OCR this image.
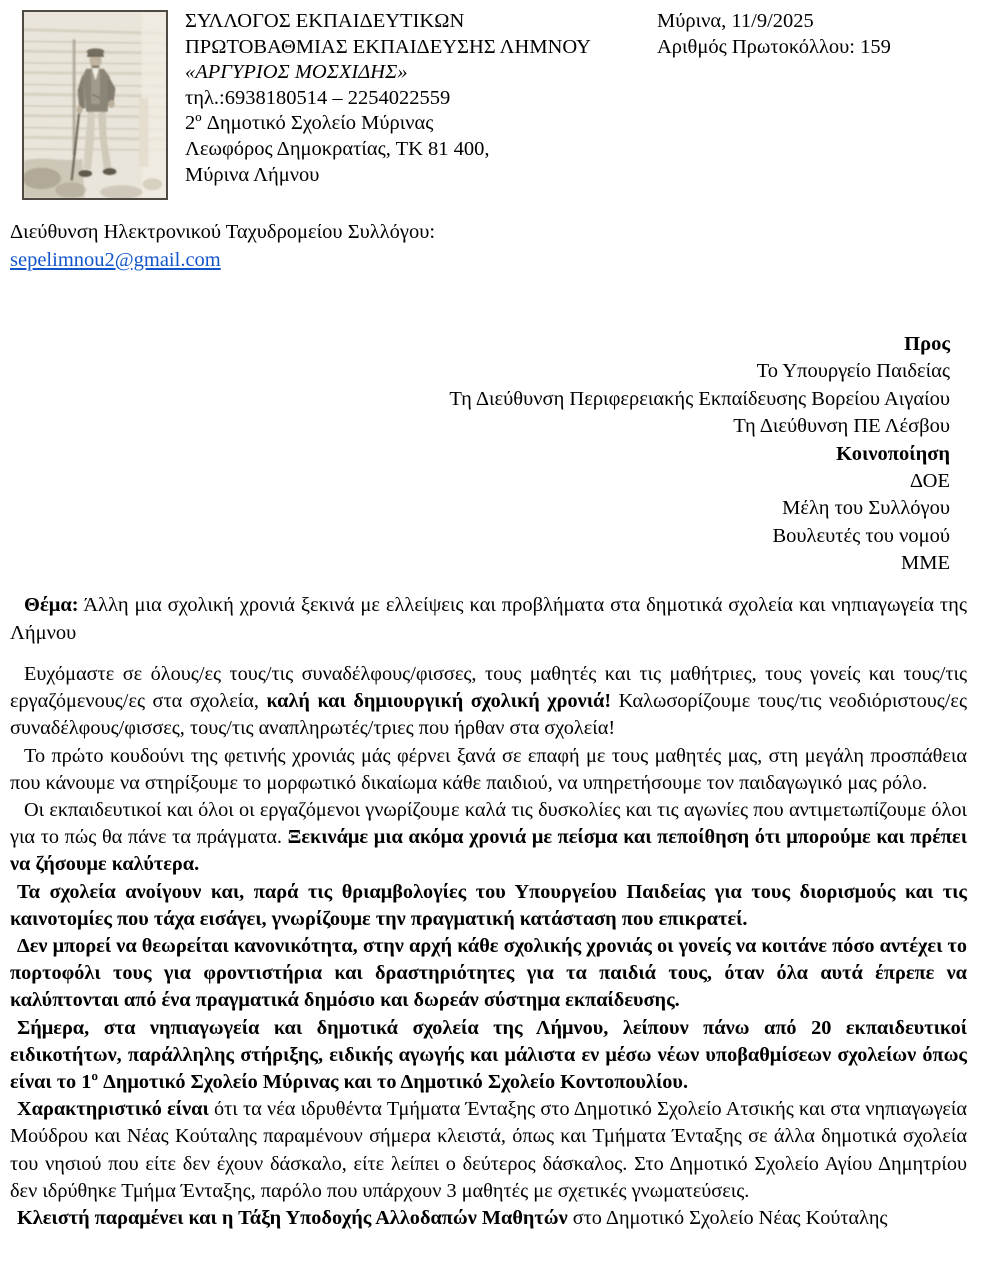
ΣΥΛΛΟΓΟΣ ΕΚΠΑΙΔΕΥΤΙΚΩΝ
ΠΡΩΤΟΒΑΘΜΙΑΣ ΕΚΠΑΙΔΕΥΣΗΣ ΛΗΜΝΟΥ
«ΑΡΓΥΡΙΟΣ ΜΟΣΧΙΔΗΣ»
τηλ.:6938180514 – 2254022559
2º Δημοτικό Σχολείο Μύρινας
Λεωφόρος Δημοκρατίας, ΤΚ 81 400,
Μύρινα Λήμνου
Μύρινα, 11/9/2025
Αριθμός Πρωτοκόλλου: 159
Διεύθυνση Ηλεκτρονικού Ταχυδρομείου Συλλόγου:
sepelimnou2@gmail.com
Προς
Το Υπουργείο Παιδείας
Τη Διεύθυνση Περιφερειακής Εκπαίδευσης Βορείου Αιγαίου
Τη Διεύθυνση ΠΕ Λέσβου
Κοινοποίηση
ΔΟΕ
Μέλη του Συλλόγου
Βουλευτές του νομού
ΜΜΕ
Θέμα: Άλλη μια σχολική χρονιά ξεκινά με ελλείψεις και προβλήματα στα δημοτικά σχολεία και νηπιαγωγεία της Λήμνου

Ευχόμαστε σε όλους/ες τους/τις συναδέλφους/φισσες, τους μαθητές και τις μαθήτριες, τους γονείς και τους/τις εργαζόμενους/ες στα σχολεία, καλή και δημιουργική σχολική χρονιά! Καλωσορίζουμε τους/τις νεοδιόριστους/ες συναδέλφους/φισσες, τους/τις αναπληρωτές/τριες που ήρθαν στα σχολεία!

Το πρώτο κουδούνι της φετινής χρονιάς μάς φέρνει ξανά σε επαφή με τους μαθητές μας, στη μεγάλη προσπάθεια που κάνουμε να στηρίξουμε το μορφωτικό δικαίωμα κάθε παιδιού, να υπηρετήσουμε τον παιδαγωγικό μας ρόλο.

Οι εκπαιδευτικοί και όλοι οι εργαζόμενοι γνωρίζουμε καλά τις δυσκολίες και τις αγωνίες που αντιμετωπίζουμε όλοι για το πώς θα πάνε τα πράγματα. Ξεκινάμε μια ακόμα χρονιά με πείσμα και πεποίθηση ότι μπορούμε και πρέπει να ζήσουμε καλύτερα.

Τα σχολεία ανοίγουν και, παρά τις θριαμβολογίες του Υπουργείου Παιδείας για τους διορισμούς και τις καινοτομίες που τάχα εισάγει, γνωρίζουμε την πραγματική κατάσταση που επικρατεί.

Δεν μπορεί να θεωρείται κανονικότητα, στην αρχή κάθε σχολικής χρονιάς οι γονείς να κοιτάνε πόσο αντέχει το πορτοφόλι τους για φροντιστήρια και δραστηριότητες για τα παιδιά τους, όταν όλα αυτά έπρεπε να καλύπτονται από ένα πραγματικά δημόσιο και δωρεάν σύστημα εκπαίδευσης.

Σήμερα, στα νηπιαγωγεία και δημοτικά σχολεία της Λήμνου, λείπουν πάνω από 20 εκπαιδευτικοί ειδικοτήτων, παράλληλης στήριξης, ειδικής αγωγής και μάλιστα εν μέσω νέων υποβαθμίσεων σχολείων όπως είναι το 1º Δημοτικό Σχολείο Μύρινας και το Δημοτικό Σχολείο Κοντοπουλίου.

Χαρακτηριστικό είναι ότι τα νέα ιδρυθέντα Τμήματα Ένταξης στο Δημοτικό Σχολείο Ατσικής και στα νηπιαγωγεία Μούδρου και Νέας Κούταλης παραμένουν σήμερα κλειστά, όπως και Τμήματα Ένταξης σε άλλα δημοτικά σχολεία του νησιού που είτε δεν έχουν δάσκαλο, είτε λείπει ο δεύτερος δάσκαλος. Στο Δημοτικό Σχολείο Αγίου Δημητρίου δεν ιδρύθηκε Τμήμα Ένταξης, παρόλο που υπάρχουν 3 μαθητές με σχετικές γνωματεύσεις.

Κλειστή παραμένει και η Τάξη Υποδοχής Αλλοδαπών Μαθητών στο Δημοτικό Σχολείο Νέας Κούταλης
